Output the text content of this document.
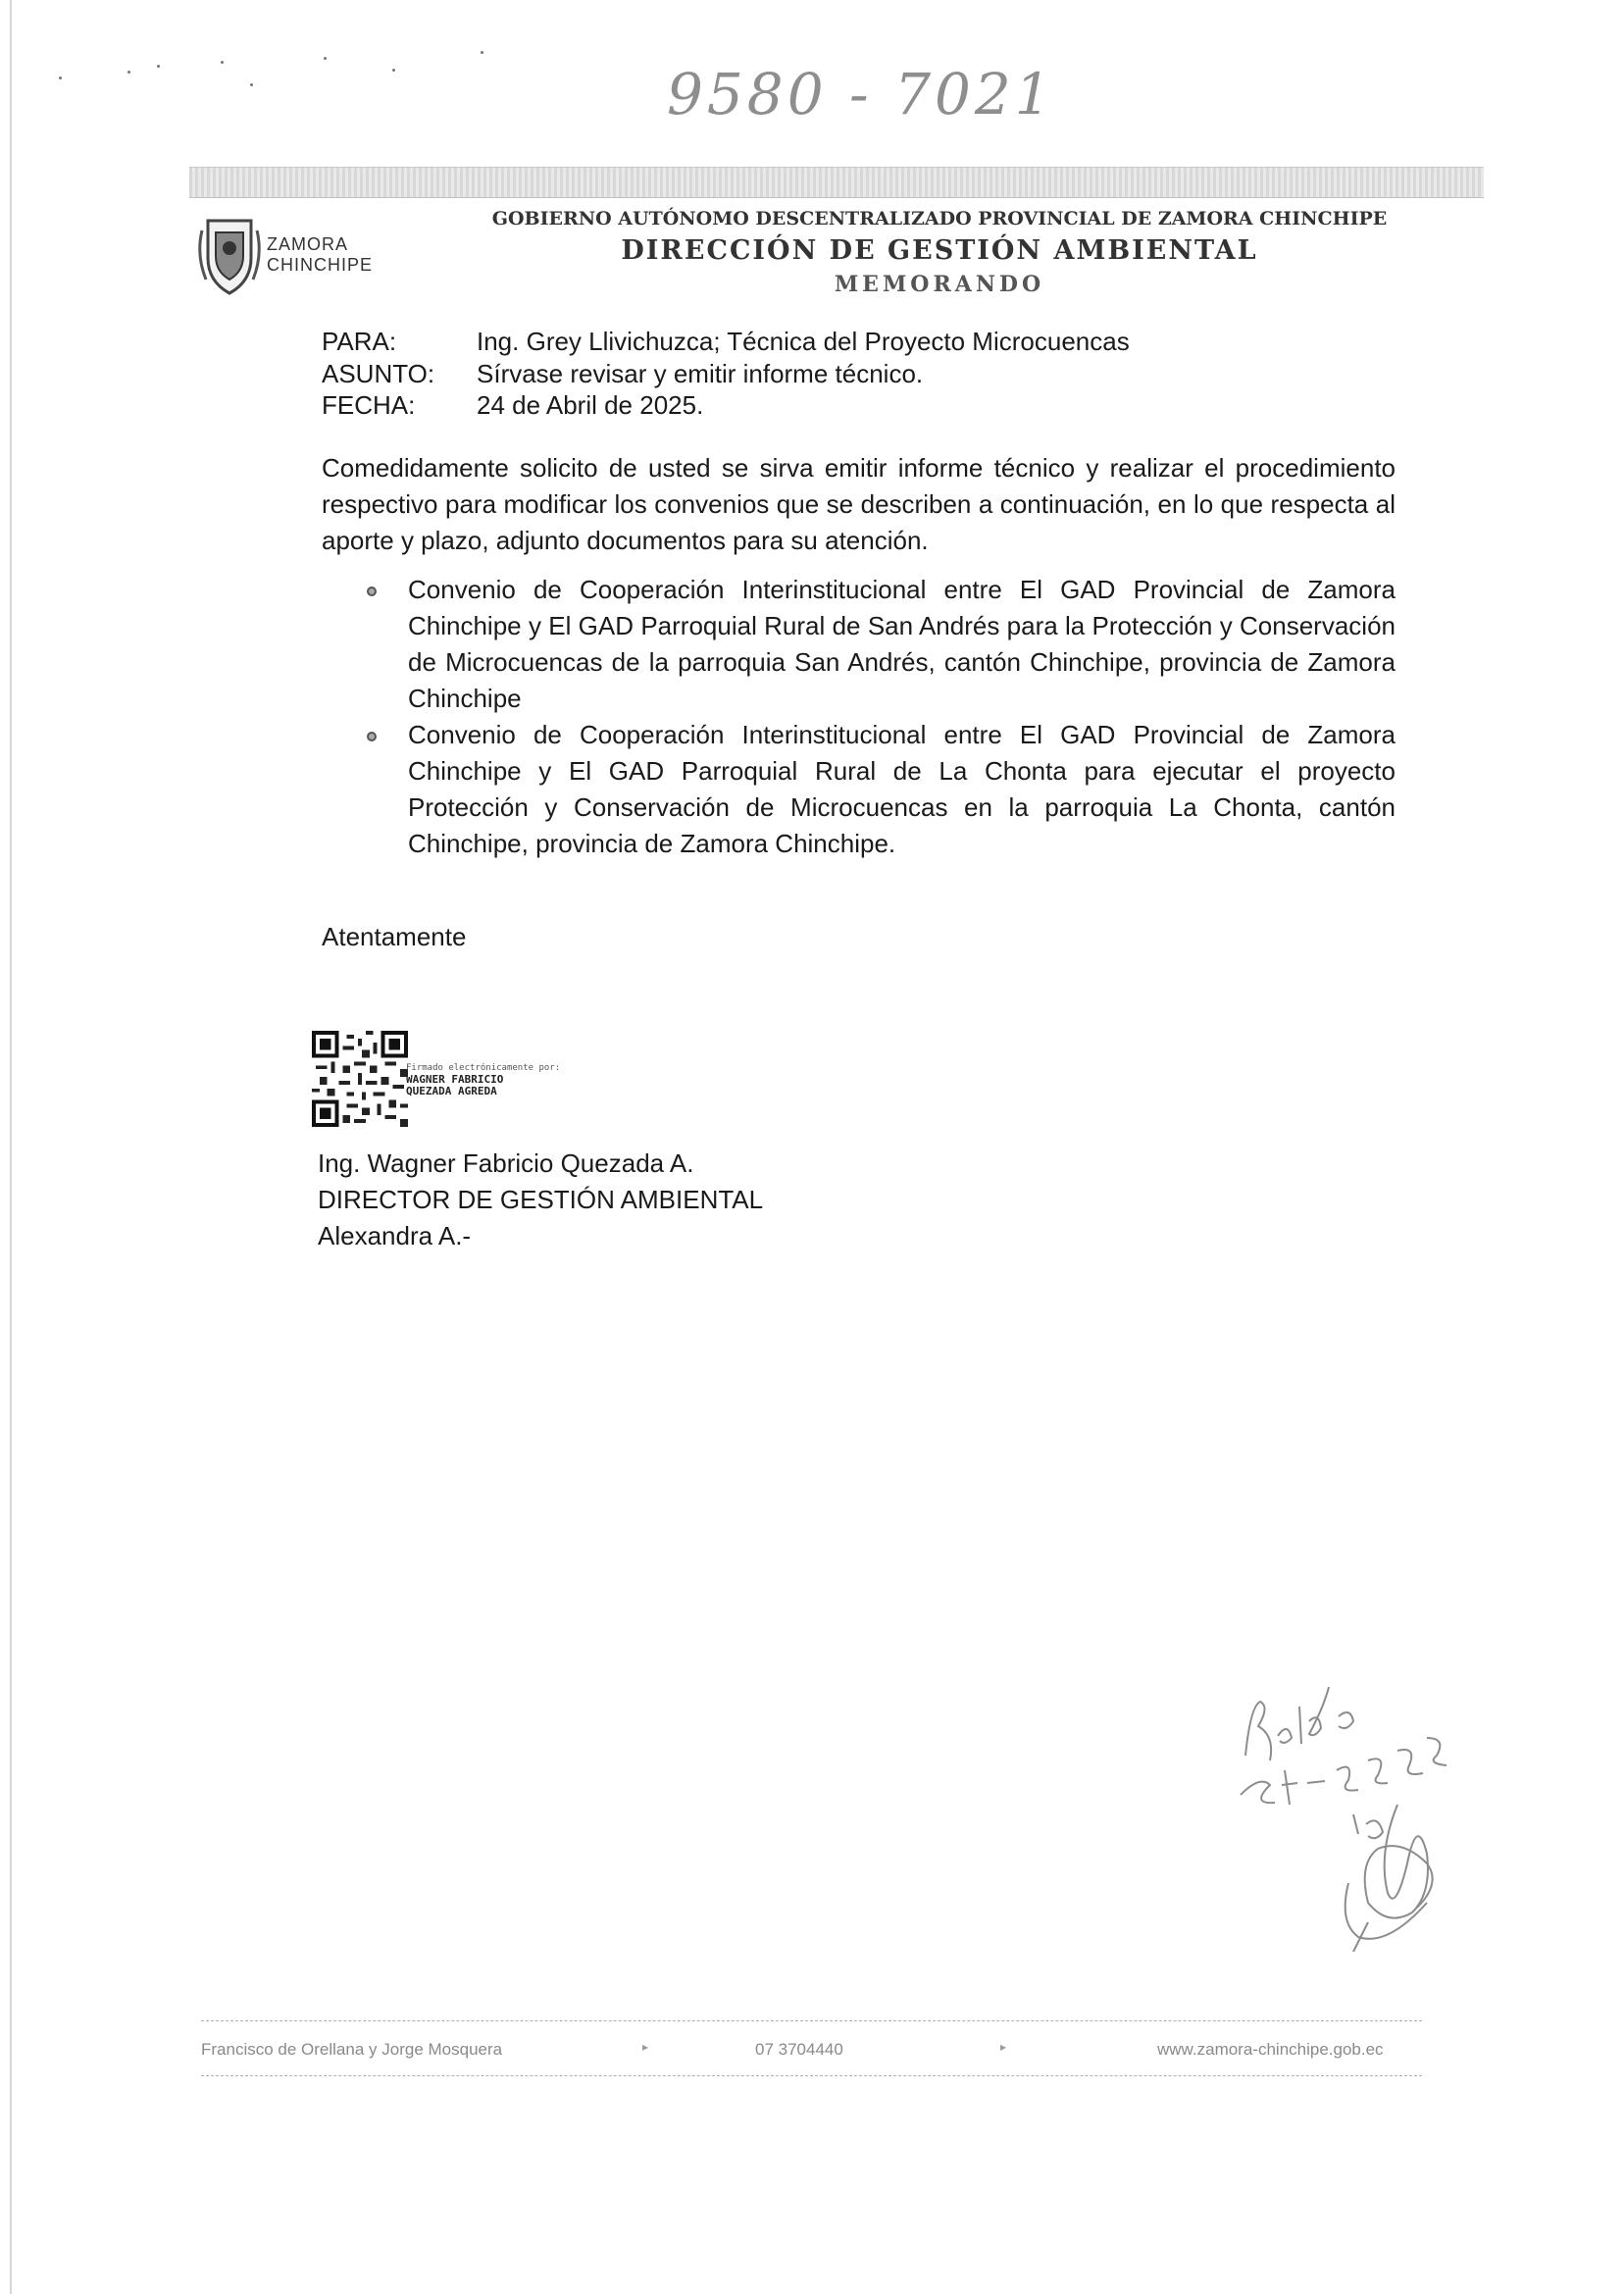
9580 - 7021
ZAMORA
CHINCHIPE
GOBIERNO AUTÓNOMO DESCENTRALIZADO PROVINCIAL DE ZAMORA CHINCHIPE
DIRECCIÓN DE GESTIÓN AMBIENTAL
MEMORANDO
PARA:	Ing. Grey Llivichuzca; Técnica del Proyecto Microcuencas
ASUNTO: Sírvase revisar y emitir informe técnico.
FECHA: 24 de Abril de 2025.
Comedidamente solicito de usted se sirva emitir informe técnico y realizar el procedimiento respectivo para modificar los convenios que se describen a continuación, en lo que respecta al aporte y plazo, adjunto documentos para su atención.
Convenio de Cooperación Interinstitucional entre El GAD Provincial de Zamora Chinchipe y El GAD Parroquial Rural de San Andrés para la Protección y Conservación de Microcuencas de la parroquia San Andrés, cantón Chinchipe, provincia de Zamora Chinchipe
Convenio de Cooperación Interinstitucional entre El GAD Provincial de Zamora Chinchipe y El GAD Parroquial Rural de La Chonta para ejecutar el proyecto Protección y Conservación de Microcuencas en la parroquia La Chonta, cantón Chinchipe, provincia de Zamora Chinchipe.
Atentamente
Firmado electrónicamente por:
WAGNER FABRICIO
QUEZADA AGREDA
Ing. Wagner Fabricio Quezada A.
DIRECTOR DE GESTIÓN AMBIENTAL
Alexandra A.-
Francisco de Orellana y Jorge Mosquera	▸	07 3704440	▸	www.zamora-chinchipe.gob.ec
